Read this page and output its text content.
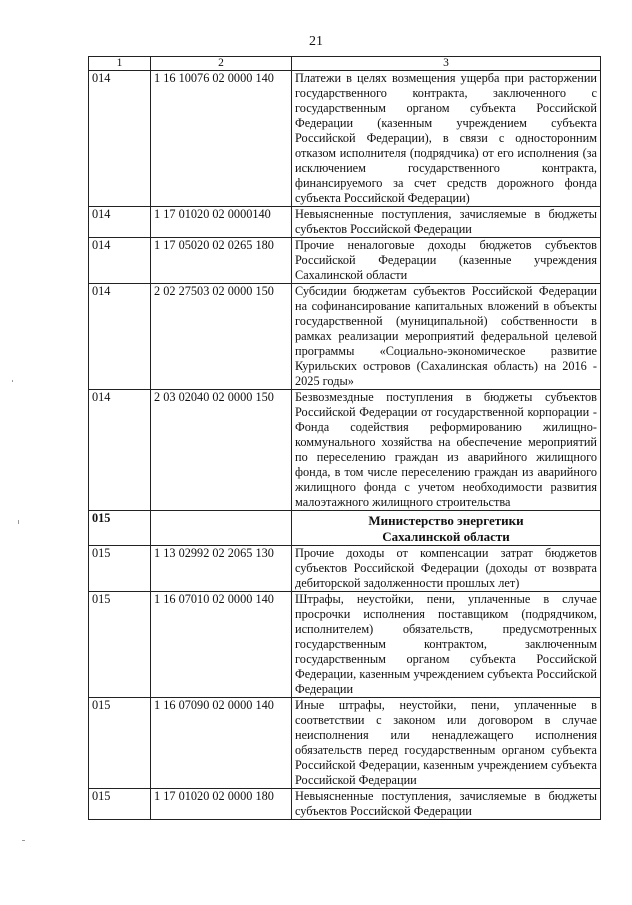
21
1	2	3
014	1 16 10076 02 0000 140	Платежи в целях возмещения ущерба при расторжении государственного контракта, заключенного с государственным органом субъекта Российской Федерации (казенным учреждением субъекта Российской Федерации), в связи с односторонним отказом исполнителя (подрядчика) от его исполнения (за исключением государственного контракта, финансируемого за счет средств дорожного фонда субъекта Российской Федерации)
014	1 17 01020 02 0000140	Невыясненные поступления, зачисляемые в бюджеты субъектов Российской Федерации
014	1 17 05020 02 0265 180	Прочие неналоговые доходы бюджетов субъектов Российской Федерации (казенные учреждения Сахалинской области
014	2 02 27503 02 0000 150	Субсидии бюджетам субъектов Российской Федерации на софинансирование капитальных вложений в объекты государственной (муниципальной) собственности в рамках реализации мероприятий федеральной целевой программы «Социально-экономическое развитие Курильских островов (Сахалинская область) на 2016 - 2025 годы»
014	2 03 02040 02 0000 150	Безвозмездные поступления в бюджеты субъектов Российской Федерации от государственной корпорации - Фонда содействия реформированию жилищно-коммунального хозяйства на обеспечение мероприятий по переселению граждан из аварийного жилищного фонда, в том числе переселению граждан из аварийного жилищного фонда с учетом необходимости развития малоэтажного жилищного строительства
015		Министерство энергетики
Сахалинской области

015	1 13 02992 02 2065 130	Прочие доходы от компенсации затрат бюджетов субъектов Российской Федерации (доходы от возврата дебиторской задолженности прошлых лет)
015	1 16 07010 02 0000 140	Штрафы, неустойки, пени, уплаченные в случае просрочки исполнения поставщиком (подрядчиком, исполнителем) обязательств, предусмотренных государственным контрактом, заключенным государственным органом субъекта Российской Федерации, казенным учреждением субъекта Российской Федерации
015	1 16 07090 02 0000 140	Иные штрафы, неустойки, пени, уплаченные в соответствии с законом или договором в случае неисполнения или ненадлежащего исполнения обязательств перед государственным органом субъекта Российской Федерации, казенным учреждением субъекта Российской Федерации
015	1 17 01020 02 0000 180	Невыясненные поступления, зачисляемые в бюджеты субъектов Российской Федерации
